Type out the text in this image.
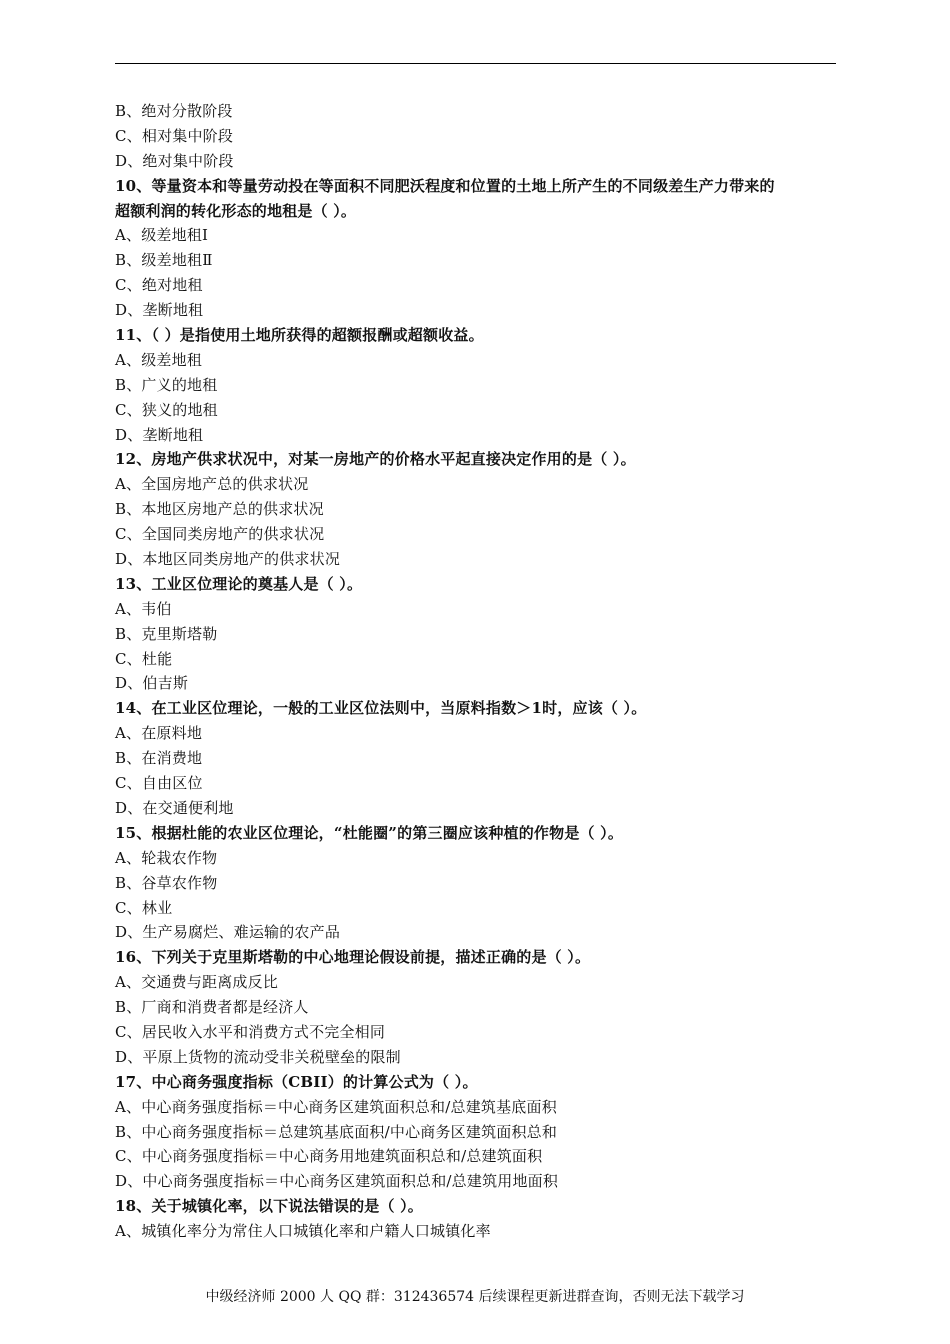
B、绝对分散阶段
C、相对集中阶段
D、绝对集中阶段
10、等量资本和等量劳动投在等面积不同肥沃程度和位置的土地上所产生的不同级差生产力带来的
超额利润的转化形态的地租是（ ）。
A、级差地租Ⅰ
B、级差地租Ⅱ
C、绝对地租
D、垄断地租
11、（ ）是指使用土地所获得的超额报酬或超额收益。
A、级差地租
B、广义的地租
C、狭义的地租
D、垄断地租
12、房地产供求状况中，对某一房地产的价格水平起直接决定作用的是（ ）。
A、全国房地产总的供求状况
B、本地区房地产总的供求状况
C、全国同类房地产的供求状况
D、本地区同类房地产的供求状况
13、工业区位理论的奠基人是（ ）。
A、韦伯
B、克里斯塔勒
C、杜能
D、伯吉斯
14、在工业区位理论，一般的工业区位法则中，当原料指数＞1时，应该（ ）。
A、在原料地
B、在消费地
C、自由区位
D、在交通便利地
15、根据杜能的农业区位理论，“杜能圈”的第三圈应该种植的作物是（ ）。
A、轮栽农作物
B、谷草农作物
C、林业
D、生产易腐烂、难运输的农产品
16、下列关于克里斯塔勒的中心地理论假设前提，描述正确的是（ ）。
A、交通费与距离成反比
B、厂商和消费者都是经济人
C、居民收入水平和消费方式不完全相同
D、平原上货物的流动受非关税壁垒的限制
17、中心商务强度指标（CBII）的计算公式为（ ）。
A、中心商务强度指标＝中心商务区建筑面积总和/总建筑基底面积
B、中心商务强度指标＝总建筑基底面积/中心商务区建筑面积总和
C、中心商务强度指标＝中心商务用地建筑面积总和/总建筑面积
D、中心商务强度指标＝中心商务区建筑面积总和/总建筑用地面积
18、关于城镇化率，以下说法错误的是（ ）。
A、城镇化率分为常住人口城镇化率和户籍人口城镇化率
中级经济师 2000 人 QQ 群：312436574 后续课程更新进群查询，否则无法下载学习
